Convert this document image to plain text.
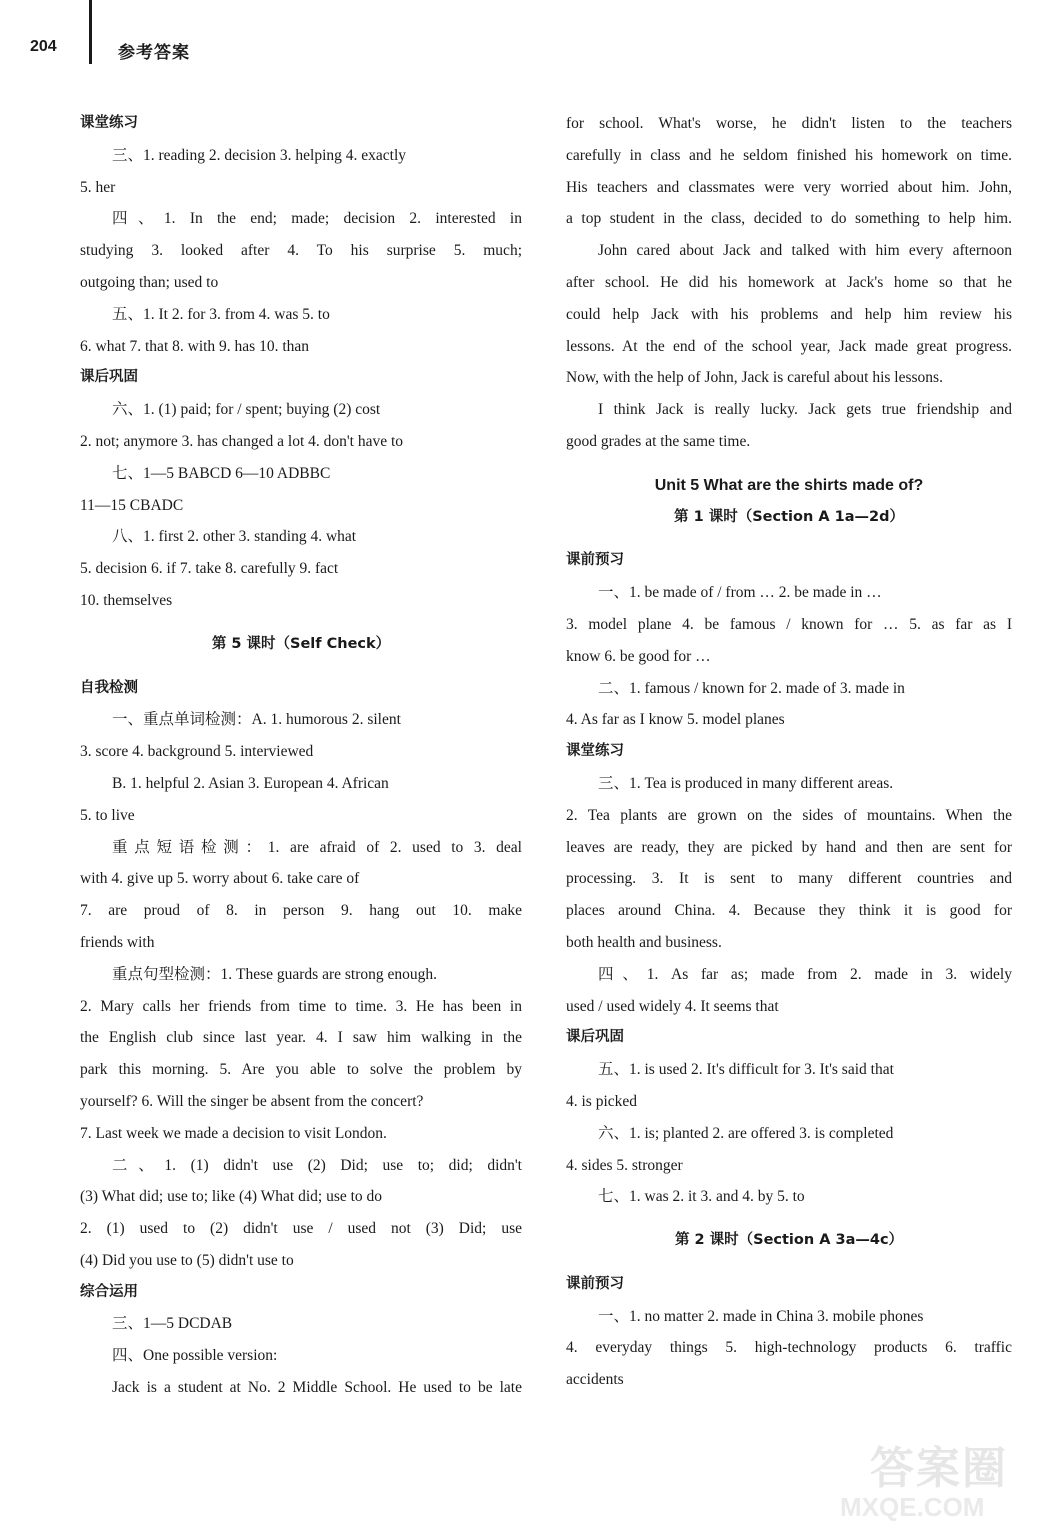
204	参考答案
课堂练习
三、1. reading 2. decision 3. helping 4. exactly
5. her
四、1. In the end; made; decision 2. interested in
studying 3. looked after 4. To his surprise 5. much;
outgoing than; used to
五、1. It 2. for 3. from 4. was 5. to
6. what 7. that 8. with 9. has 10. than
课后巩固
六、1. (1) paid; for / spent; buying (2) cost
2. not; anymore 3. has changed a lot 4. don't have to
七、1—5 BABCD 6—10 ADBBC
11—15 CBADC
八、1. first 2. other 3. standing 4. what
5. decision 6. if 7. take 8. carefully 9. fact
10. themselves
第 5 课时（Self Check）
自我检测
一、重点单词检测：A. 1. humorous 2. silent
3. score 4. background 5. interviewed
B. 1. helpful 2. Asian 3. European 4. African
5. to live
重点短语检测：1. are afraid of 2. used to 3. deal
with 4. give up 5. worry about 6. take care of
7. are proud of 8. in person 9. hang out 10. make
friends with
重点句型检测：1. These guards are strong enough.
2. Mary calls her friends from time to time. 3. He has been in
the English club since last year. 4. I saw him walking in the
park this morning. 5. Are you able to solve the problem by
yourself? 6. Will the singer be absent from the concert?
7. Last week we made a decision to visit London.
二、1. (1) didn't use (2) Did; use to; did; didn't
(3) What did; use to; like (4) What did; use to do
2. (1) used to (2) didn't use / used not (3) Did; use
(4) Did you use to (5) didn't use to
综合运用
三、1—5 DCDAB
四、One possible version:
Jack is a student at No. 2 Middle School. He used to be late
for school. What's worse, he didn't listen to the teachers
carefully in class and he seldom finished his homework on time.
His teachers and classmates were very worried about him. John,
a top student in the class, decided to do something to help him.
John cared about Jack and talked with him every afternoon
after school. He did his homework at Jack's home so that he
could help Jack with his problems and help him review his
lessons. At the end of the school year, Jack made great progress.
Now, with the help of John, Jack is careful about his lessons.
I think Jack is really lucky. Jack gets true friendship and
good grades at the same time.
Unit 5 What are the shirts made of?
第 1 课时（Section A 1a—2d）
课前预习
一、1. be made of / from … 2. be made in …
3. model plane 4. be famous / known for … 5. as far as I
know 6. be good for …
二、1. famous / known for 2. made of 3. made in
4. As far as I know 5. model planes
课堂练习
三、1. Tea is produced in many different areas.
2. Tea plants are grown on the sides of mountains. When the
leaves are ready, they are picked by hand and then are sent for
processing. 3. It is sent to many different countries and
places around China. 4. Because they think it is good for
both health and business.
四、1. As far as; made from 2. made in 3. widely
used / used widely 4. It seems that
课后巩固
五、1. is used 2. It's difficult for 3. It's said that
4. is picked
六、1. is; planted 2. are offered 3. is completed
4. sides 5. stronger
七、1. was 2. it 3. and 4. by 5. to
第 2 课时（Section A 3a—4c）
课前预习
一、1. no matter 2. made in China 3. mobile phones
4. everyday things 5. high-technology products 6. traffic
accidents
答案圈
MXQE.COM
